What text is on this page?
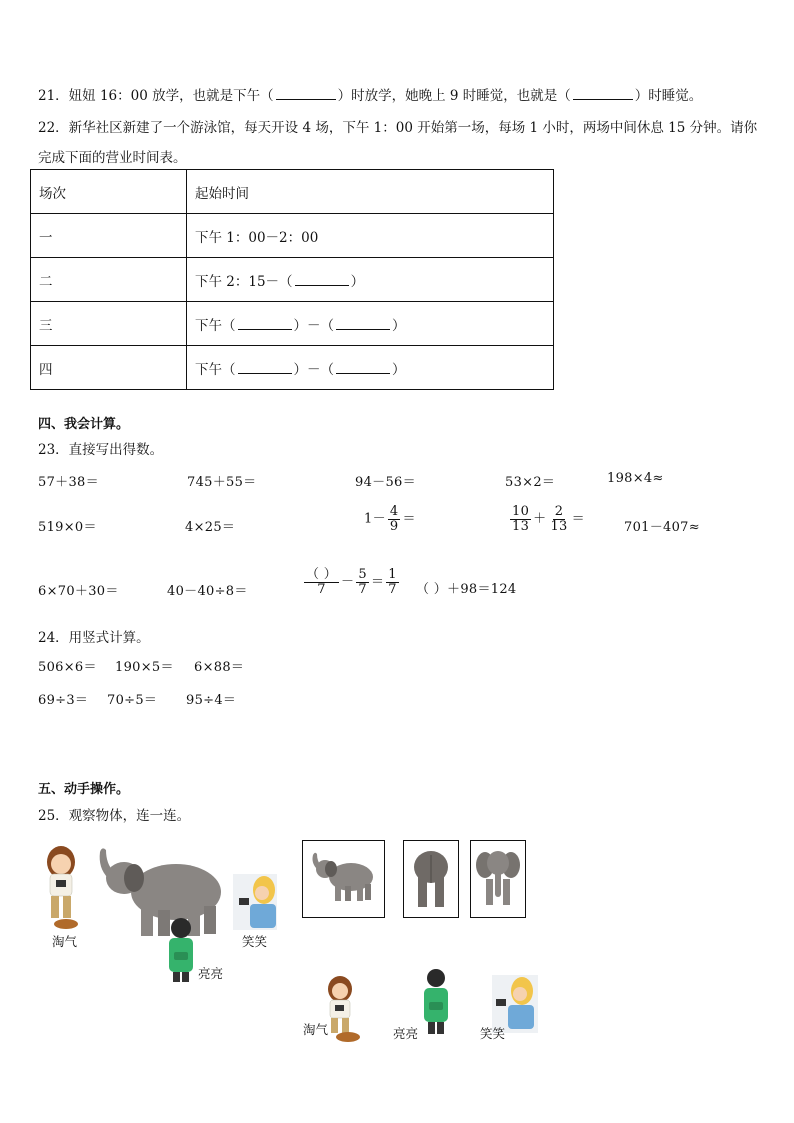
21．妞妞 16：00 放学，也就是下午（	）时放学，她晚上 9 时睡觉，也就是（	）时睡觉。
22．新华社区新建了一个游泳馆，每天开设 4 场，下午 1：00 开始第一场，每场 1 小时，两场中间休息 15 分钟。请你
完成下面的营业时间表。
场次	起始时间
一	下午 1：00－2：00
二	下午 2：15－（ ）
三	下午（ ）－（ ）
四	下午（ ）－（ ）
四、我会计算。
23．直接写出得数。
57＋38＝	745＋55＝	94－56＝	53×2＝	198×4≈
519×0＝	4×25＝
$1- \frac{4}{9}$ ＝	$\frac{10}{13} + \frac{2}{13}$ ＝
701－407≈
6×70＋30＝	40－40÷8＝	$\frac{( )}{7} - \frac{5}{7} = \frac{1}{7}$ （ ）＋98＝124
24．用竖式计算。
506×6＝ 190×5＝ 6×88＝
69÷3＝ 70÷5＝ 95÷4＝
五、动手操作。
25．观察物体，连一连。
淘气	笑笑
亮亮
淘气	亮亮	笑笑
